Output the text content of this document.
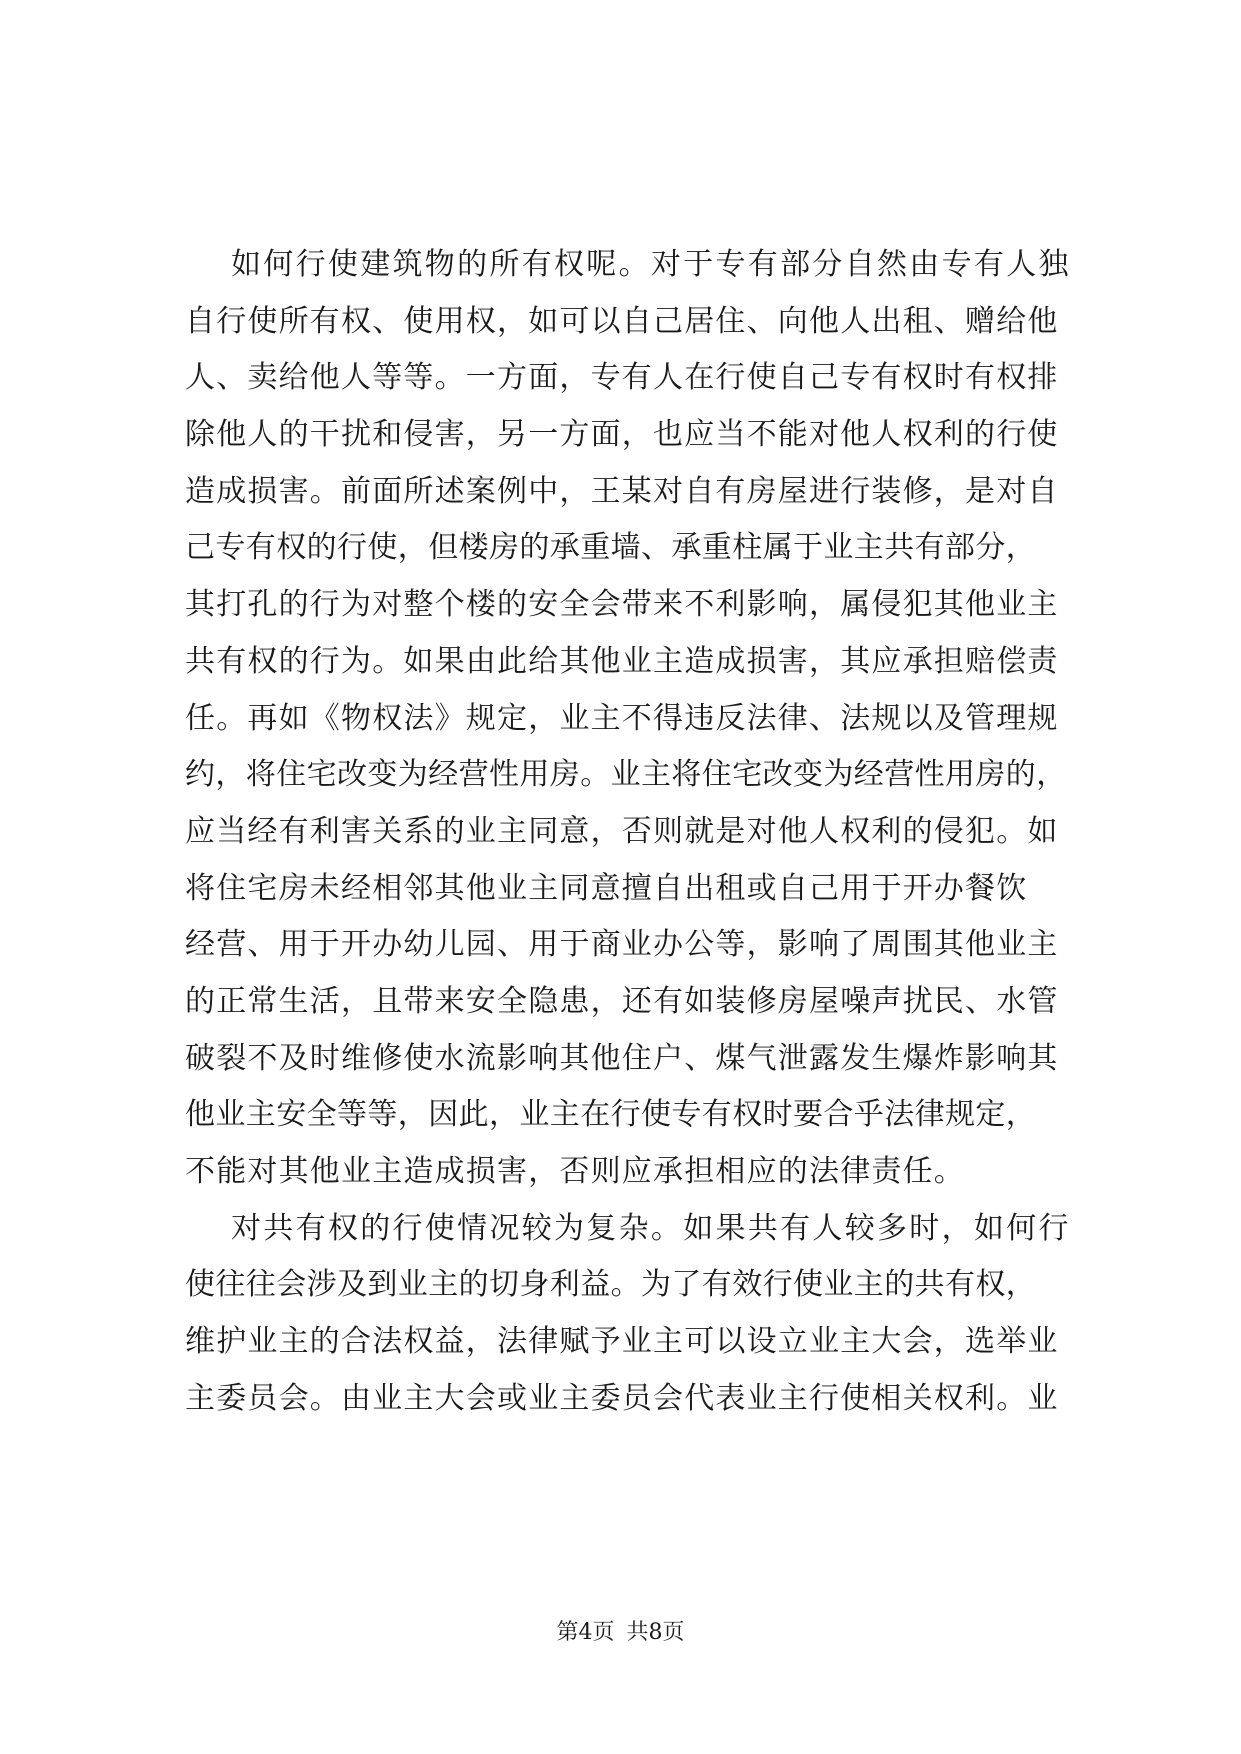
如何行使建筑物的所有权呢。对于专有部分自然由专有人独
自行使所有权、使用权，如可以自己居住、向他人出租、赠给他
人、卖给他人等等。一方面，专有人在行使自己专有权时有权排
除他人的干扰和侵害，另一方面，也应当不能对他人权利的行使
造成损害。前面所述案例中，王某对自有房屋进行装修，是对自
己专有权的行使，但楼房的承重墙、承重柱属于业主共有部分，
其打孔的行为对整个楼的安全会带来不利影响，属侵犯其他业主
共有权的行为。如果由此给其他业主造成损害，其应承担赔偿责
任。再如《物权法》规定，业主不得违反法律、法规以及管理规
约，将住宅改变为经营性用房。业主将住宅改变为经营性用房的，
应当经有利害关系的业主同意，否则就是对他人权利的侵犯。如
将住宅房未经相邻其他业主同意擅自出租或自己用于开办餐饮
经营、用于开办幼儿园、用于商业办公等，影响了周围其他业主
的正常生活，且带来安全隐患，还有如装修房屋噪声扰民、水管
破裂不及时维修使水流影响其他住户、煤气泄露发生爆炸影响其
他业主安全等等，因此，业主在行使专有权时要合乎法律规定，
不能对其他业主造成损害，否则应承担相应的法律责任。
对共有权的行使情况较为复杂。如果共有人较多时，如何行
使往往会涉及到业主的切身利益。为了有效行使业主的共有权，
维护业主的合法权益，法律赋予业主可以设立业主大会，选举业
主委员会。由业主大会或业主委员会代表业主行使相关权利。业
第4页 共8页
